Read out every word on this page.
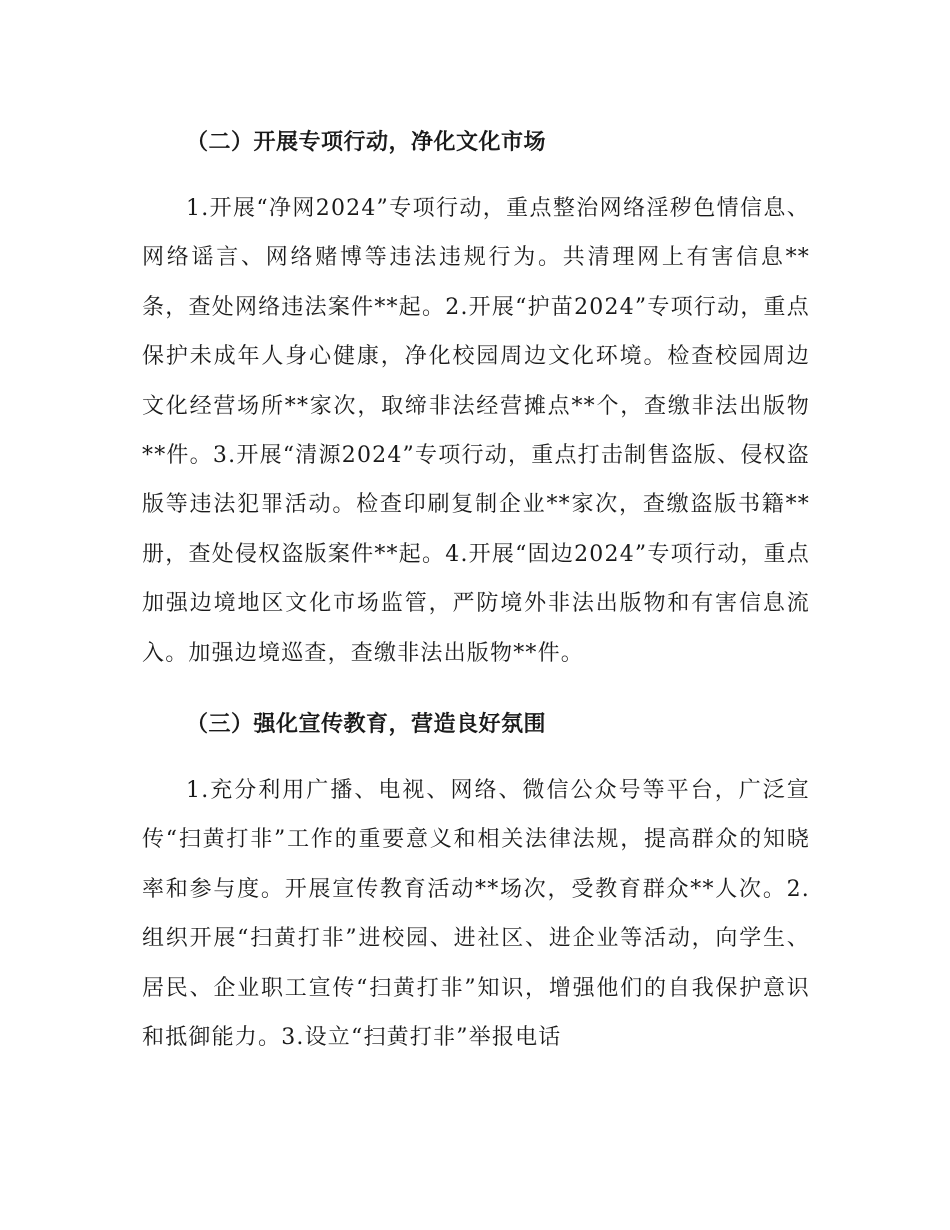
（二）开展专项行动，净化文化市场

1.开展“净网2024”专项行动，重点整治网络淫秽色情信息、网络谣言、网络赌博等违法违规行为。共清理网上有害信息**条，查处网络违法案件**起。2.开展“护苗2024”专项行动，重点保护未成年人身心健康，净化校园周边文化环境。检查校园周边文化经营场所**家次，取缔非法经营摊点**个，查缴非法出版物**件。3.开展“清源2024”专项行动，重点打击制售盗版、侵权盗版等违法犯罪活动。检查印刷复制企业**家次，查缴盗版书籍**册，查处侵权盗版案件**起。4.开展“固边2024”专项行动，重点加强边境地区文化市场监管，严防境外非法出版物和有害信息流入。加强边境巡查，查缴非法出版物**件。

（三）强化宣传教育，营造良好氛围

1.充分利用广播、电视、网络、微信公众号等平台，广泛宣传“扫黄打非”工作的重要意义和相关法律法规，提高群众的知晓率和参与度。开展宣传教育活动**场次，受教育群众**人次。2.组织开展“扫黄打非”进校园、进社区、进企业等活动，向学生、居民、企业职工宣传“扫黄打非”知识，增强他们的自我保护意识和抵御能力。3.设立“扫黄打非”举报电话
